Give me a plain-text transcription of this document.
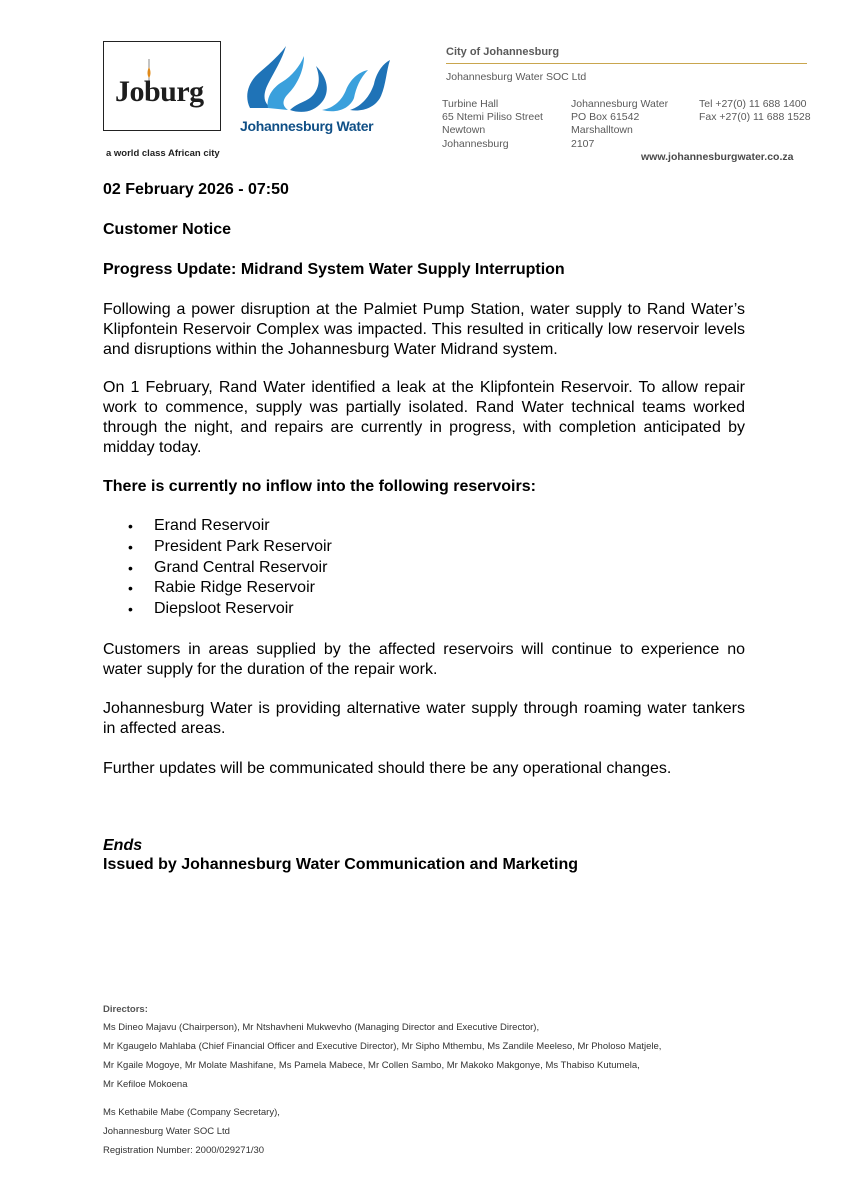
Joburg
a world class African city
Johannesburg Water
City of Johannesburg
Johannesburg Water SOC Ltd
Turbine Hall
65 Ntemi Piliso Street
Newtown
Johannesburg
Johannesburg Water
PO Box 61542
Marshalltown
2107
Tel +27(0) 11 688 1400
Fax +27(0) 11 688 1528
www.johannesburgwater.co.za
02 February 2026 - 07:50
Customer Notice
Progress Update: Midrand System Water Supply Interruption
Following a power disruption at the Palmiet Pump Station, water supply to Rand Water’s Klipfontein Reservoir Complex was impacted. This resulted in critically low reservoir levels and disruptions within the Johannesburg Water Midrand system.
On 1 February, Rand Water identified a leak at the Klipfontein Reservoir. To allow repair work to commence, supply was partially isolated. Rand Water technical teams worked through the night, and repairs are currently in progress, with completion anticipated by midday today.
There is currently no inflow into the following reservoirs:
• Erand Reservoir
• President Park Reservoir
• Grand Central Reservoir
• Rabie Ridge Reservoir
• Diepsloot Reservoir
Customers in areas supplied by the affected reservoirs will continue to experience no water supply for the duration of the repair work.
Johannesburg Water is providing alternative water supply through roaming water tankers in affected areas.
Further updates will be communicated should there be any operational changes.
Ends
Issued by Johannesburg Water Communication and Marketing
Directors:
Ms Dineo Majavu (Chairperson), Mr Ntshavheni Mukwevho (Managing Director and Executive Director),
Mr Kgaugelo Mahlaba (Chief Financial Officer and Executive Director), Mr Sipho Mthembu, Ms Zandile Meeleso, Mr Pholoso Matjele,
Mr Kgaile Mogoye, Mr Molate Mashifane, Ms Pamela Mabece, Mr Collen Sambo, Mr Makoko Makgonye, Ms Thabiso Kutumela,
Mr Kefiloe Mokoena
Ms Kethabile Mabe (Company Secretary),
Johannesburg Water SOC Ltd
Registration Number: 2000/029271/30
